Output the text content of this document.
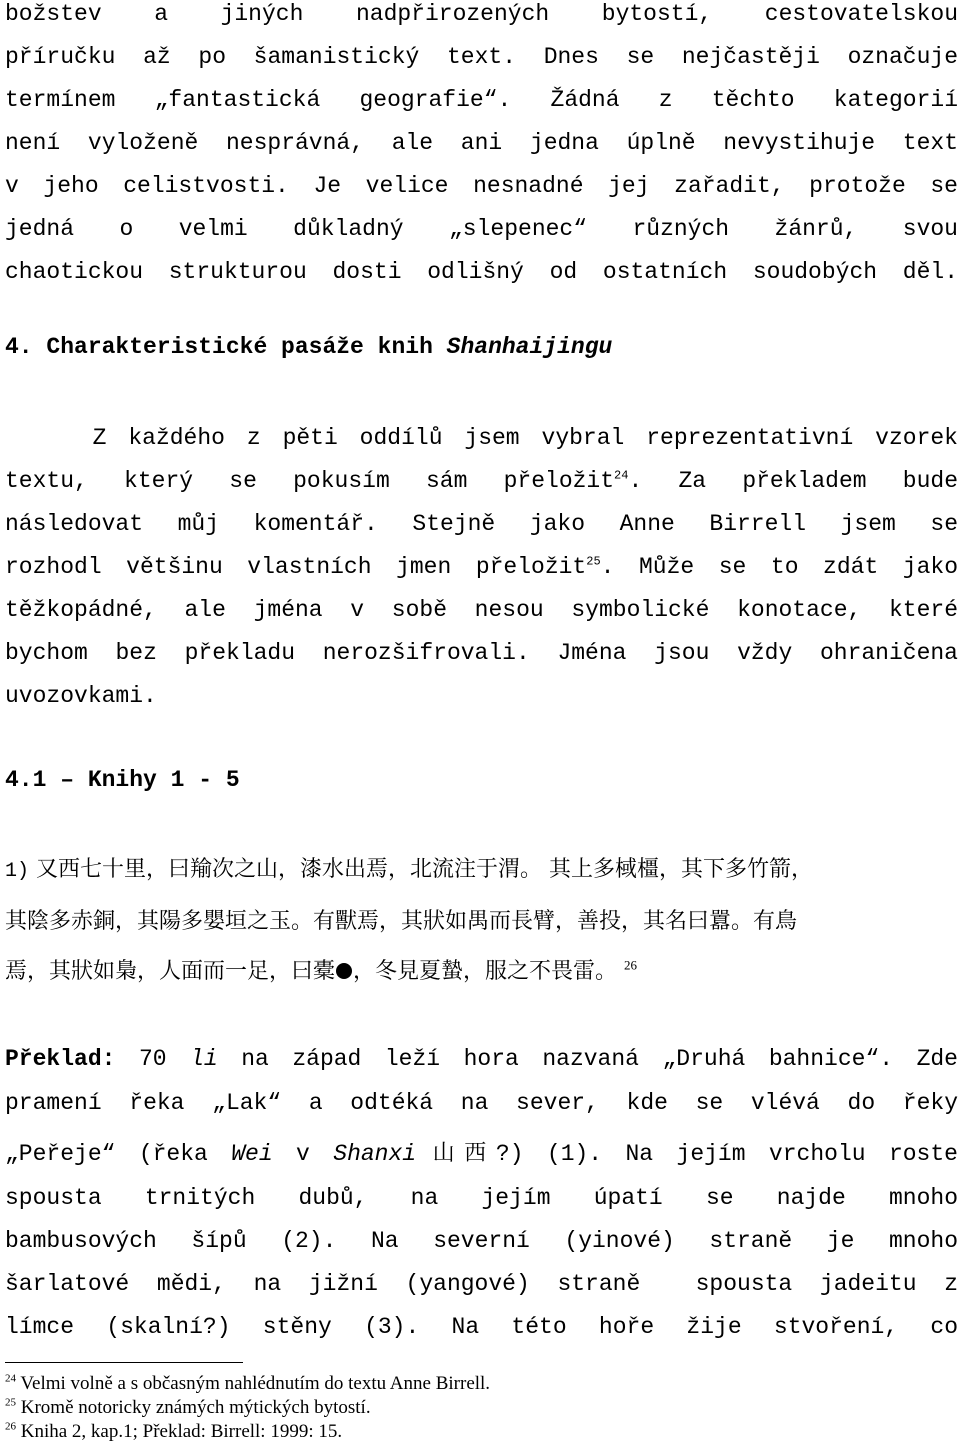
božstev a jiných nadpřirozených bytostí, cestovatelskou
příručku až po šamanistický text. Dnes se nejčastěji označuje
termínem „fantastická geografie“. Žádná z těchto kategorií
není vyloženě nesprávná, ale ani jedna úplně nevystihuje text
v jeho celistvosti. Je velice nesnadné jej zařadit, protože se
jedná o velmi důkladný „slepenec“ různých žánrů, svou
chaotickou strukturou dosti odlišný od ostatních soudobých děl.
4. Charakteristické pasáže knih Shanhaijingu
Z každého z pěti oddílů jsem vybral reprezentativní vzorek
textu, který se pokusím sám přeložit$^{24}$. Za překladem bude
následovat můj komentář. Stejně jako Anne Birrell jsem se
rozhodl většinu vlastních jmen přeložit$^{25}$. Může se to zdát jako
těžkopádné, ale jména v sobě nesou symbolické konotace, které
bychom bez překladu nerozšifrovali. Jména jsou vždy ohraničena
uvozovkami.
4.1 – Knihy 1 - 5
1) 又西七十里，曰羭次之山，漆水出焉，北流注于渭。 其上多棫橿，其下多竹箭，
其陰多赤銅，其陽多嬰垣之玉。有獸焉，其狀如禺而長臂，善投，其名曰囂。有鳥
焉，其狀如梟，人面而一足，曰橐 ，冬見夏蟄，服之不畏雷。 $^{26}$
Překlad: 70 li na západ leží hora nazvaná „Druhá bahnice“. Zde
pramení řeka „Lak“ a odtéká na sever, kde se vlévá do řeky
„Peřeje“ (řeka Wei v Shanxi 山西?) (1). Na jejím vrcholu roste
spousta trnitých dubů, na jejím úpatí se najde mnoho
bambusových šípů (2). Na severní (yinové) straně je mnoho
šarlatové mědi, na jižní (yangové) straně  spousta jadeitu z
límce (skalní?) stěny (3). Na této hoře žije stvoření, co
$^{24}$ Velmi volně a s občasným nahlédnutím do textu Anne Birrell.
$^{25}$ Kromě notoricky známých mýtických bytostí.
$^{26}$ Kniha 2, kap.1; Překlad: Birrell: 1999: 15.
